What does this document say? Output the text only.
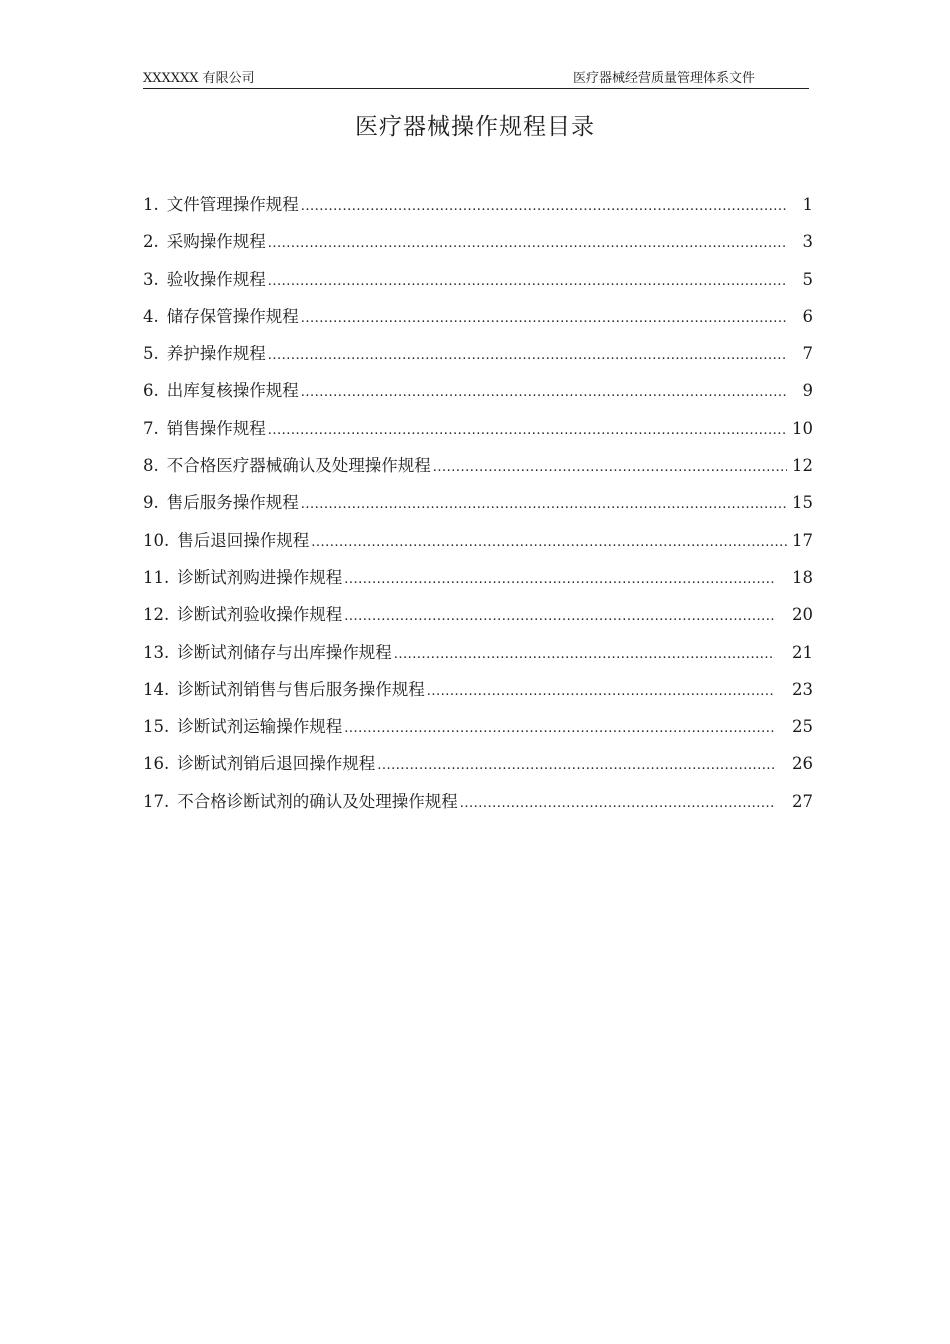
XXXXXX 有限公司	医疗器械经营质量管理体系文件
医疗器械操作规程目录
1. 文件管理操作规程 .....	1
2. 采购操作规程 .....	3
3. 验收操作规程 .....	5
4. 储存保管操作规程 .....	6
5. 养护操作规程 .....	7
6. 出库复核操作规程 .....	9
7. 销售操作规程 .....	10
8. 不合格医疗器械确认及处理操作规程 .....	12
9. 售后服务操作规程 .....	15
10. 售后退回操作规程 .....	17
11. 诊断试剂购进操作规程 .....	18
12. 诊断试剂验收操作规程 .....	20
13. 诊断试剂储存与出库操作规程 .....	21
14. 诊断试剂销售与售后服务操作规程 .....	23
15. 诊断试剂运输操作规程 .....	25
16. 诊断试剂销后退回操作规程 .....	26
17. 不合格诊断试剂的确认及处理操作规程 .....	27
